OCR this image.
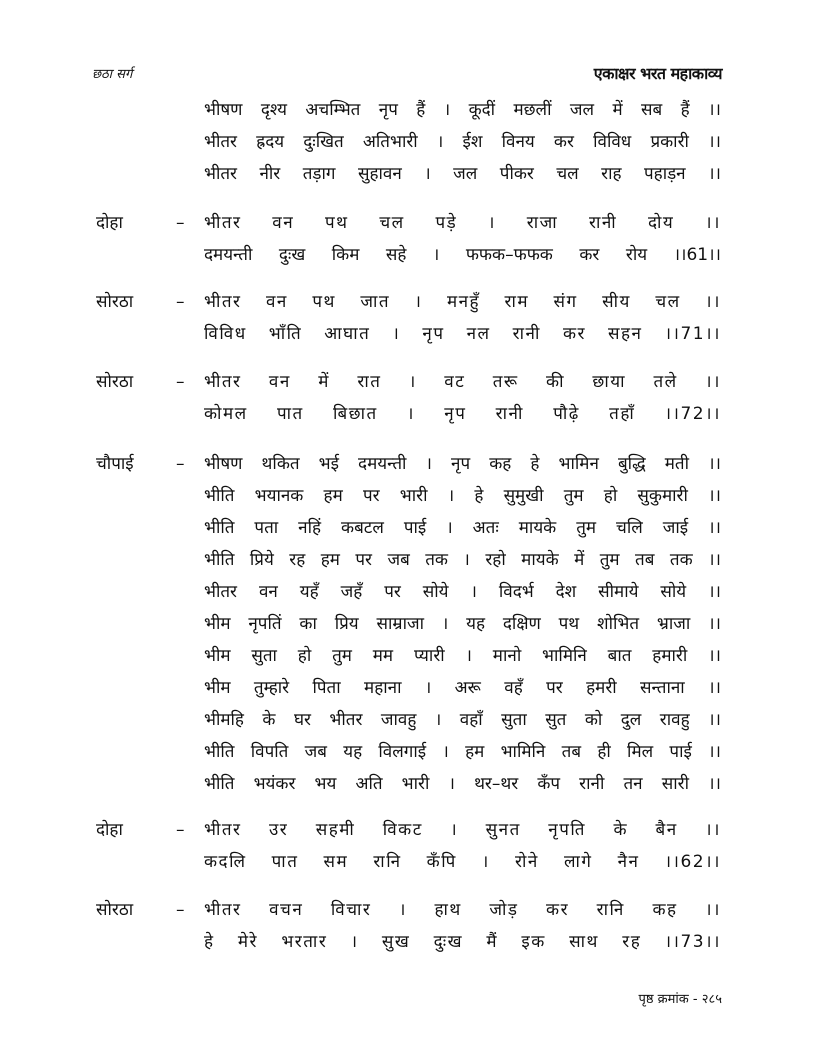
छठा सर्ग	एकाक्षर भरत महाकाव्य
भीषण दृश्य अचम्भित नृप हैं । कूदीं मछलीं जल में सब हैं ।।
भीतर ह्रदय दुःखित अतिभारी । ईश विनय कर विविध प्रकारी ।।
भीतर नीर तड़ाग सुहावन । जल पीकर चल राह पहाड़न ।।
दोहा	– भीतर वन पथ चल पड़े । राजा रानी दोय ।।
दमयन्ती दुःख किम सहे । फफक–फफक कर रोय ।।61।।
सोरठा	– भीतर वन पथ जात । मनहुँ राम संग सीय चल ।।
विविध भाँति आघात । नृप नल रानी कर सहन ।।71।।
सोरठा	– भीतर वन में रात । वट तरू की छाया तले ।।
कोमल पात बिछात । नृप रानी पौढ़े तहाँ ।।72।।
चौपाई – भीषण थकित भई दमयन्ती । नृप कह हे भामिन बुद्धि मती ।।
भीति भयानक हम पर भारी । हे सुमुखी तुम हो सुकुमारी ।।
भीति पता नहिं कबटल पाई । अतः मायके तुम चलि जाई ।।
भीति प्रिये रह हम पर जब तक । रहो मायके में तुम तब तक ।।
भीतर वन यहँ जहँ पर सोये । विदर्भ देश सीमाये सोये ।।
भीम नृपतिं का प्रिय साम्राजा । यह दक्षिण पथ शोभित भ्राजा ।।
भीम सुता हो तुम मम प्यारी । मानो भामिनि बात हमारी ।।
भीम तुम्हारे पिता महाना । अरू वहँ पर हमरी सन्ताना ।।
भीमहि के घर भीतर जावहु । वहाँ सुता सुत को दुल रावहु ।।
भीति विपति जब यह विलगाई । हम भामिनि तब ही मिल पाई ।।
भीति भयंकर भय अति भारी । थर–थर कँप रानी तन सारी ।।
दोहा	– भीतर उर सहमी विकट । सुनत नृपति के बैन ।।
कदलि पात सम रानि कँपि । रोने लागे नैन ।।62।।
सोरठा	– भीतर वचन विचार । हाथ जोड़ कर रानि कह ।।
हे मेरे भरतार । सुख दुःख मैं इक साथ रह ।।73।।
पृष्ठ क्रमांक - २८५
